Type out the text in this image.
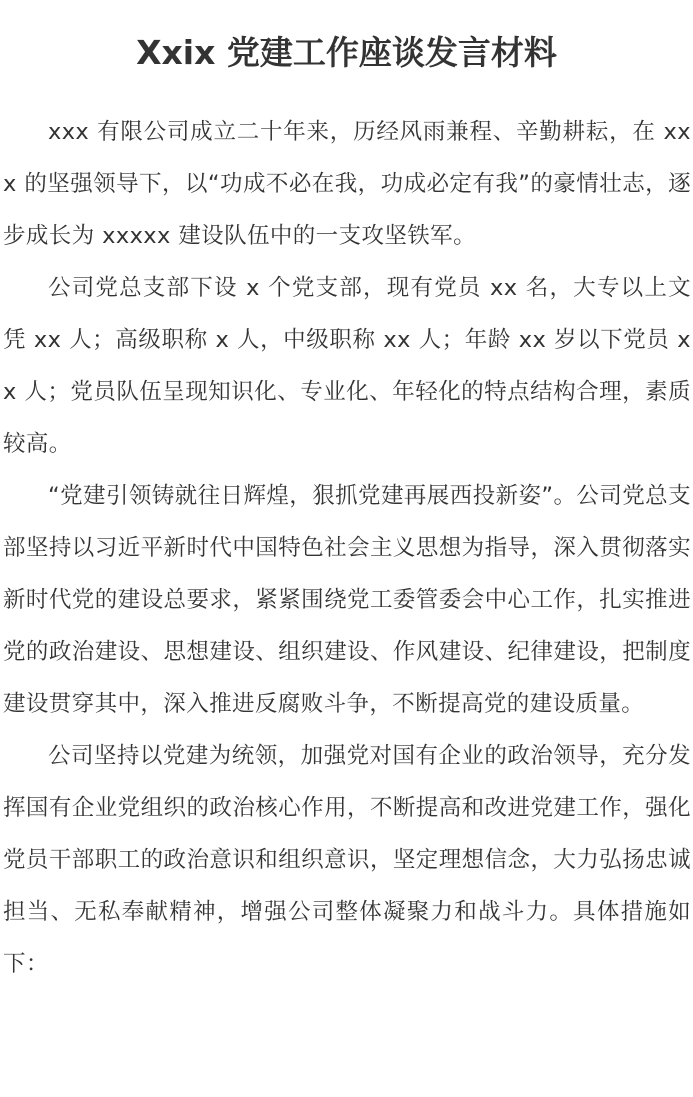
Xxix 党建工作座谈发言材料

xxx 有限公司成立二十年来，历经风雨兼程、辛勤耕耘，在 xxx 的坚强领导下，以“功成不必在我，功成必定有我”的豪情壮志，逐步成长为 xxxxx 建设队伍中的一支攻坚铁军。

公司党总支部下设 x 个党支部，现有党员 xx 名，大专以上文凭 xx 人；高级职称 x 人，中级职称 xx 人；年龄 xx 岁以下党员 xx 人；党员队伍呈现知识化、专业化、年轻化的特点结构合理，素质较高。

“党建引领铸就往日辉煌，狠抓党建再展西投新姿”。公司党总支部坚持以习近平新时代中国特色社会主义思想为指导，深入贯彻落实新时代党的建设总要求，紧紧围绕党工委管委会中心工作，扎实推进党的政治建设、思想建设、组织建设、作风建设、纪律建设，把制度建设贯穿其中，深入推进反腐败斗争，不断提高党的建设质量。

公司坚持以党建为统领，加强党对国有企业的政治领导，充分发挥国有企业党组织的政治核心作用，不断提高和改进党建工作，强化党员干部职工的政治意识和组织意识，坚定理想信念，大力弘扬忠诚担当、无私奉献精神，增强公司整体凝聚力和战斗力。具体措施如下：
